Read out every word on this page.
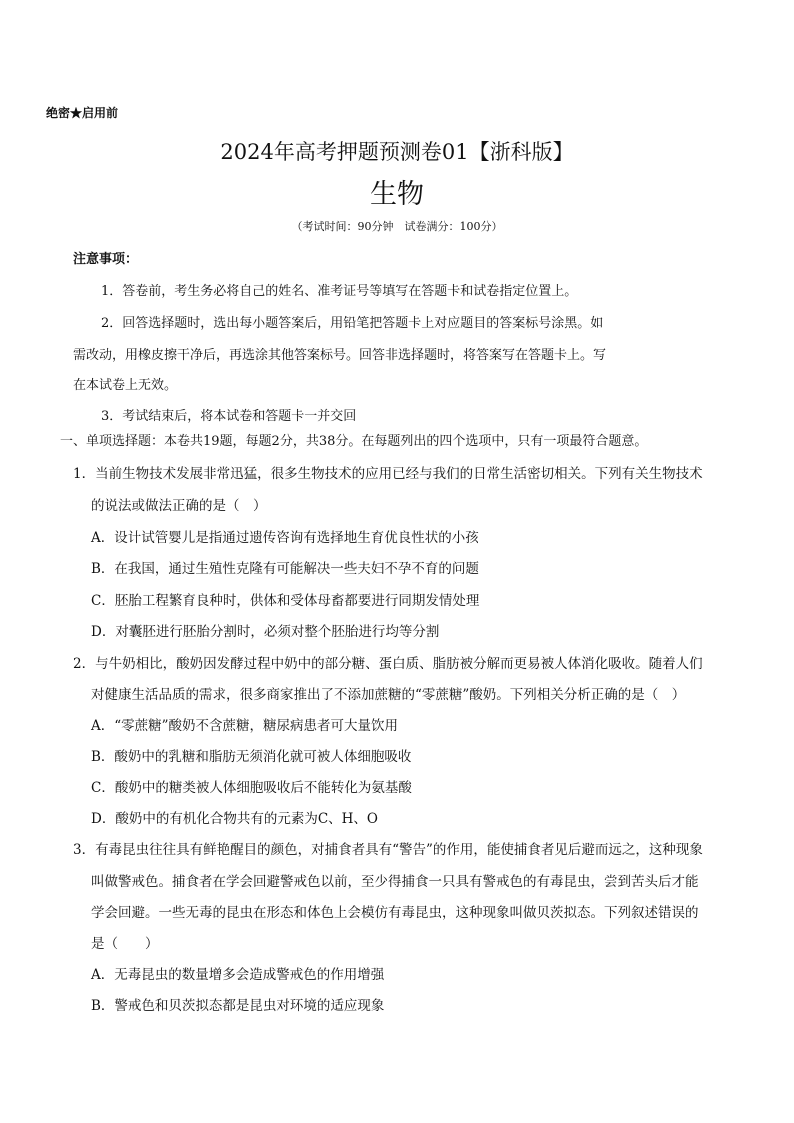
绝密★启用前
2024年高考押题预测卷01【浙科版】
生物
（考试时间：90分钟　试卷满分：100分）
注意事项：
1．答卷前，考生务必将自己的姓名、准考证号等填写在答题卡和试卷指定位置上。
2．回答选择题时，选出每小题答案后，用铅笔把答题卡上对应题目的答案标号涂黑。如
需改动，用橡皮擦干净后，再选涂其他答案标号。回答非选择题时，将答案写在答题卡上。写
在本试卷上无效。
3．考试结束后，将本试卷和答题卡一并交回
一、单项选择题：本卷共19题，每题2分，共38分。在每题列出的四个选项中，只有一项最符合题意。
1．当前生物技术发展非常迅猛，很多生物技术的应用已经与我们的日常生活密切相关。下列有关生物技术
的说法或做法正确的是（　）
A．设计试管婴儿是指通过遗传咨询有选择地生育优良性状的小孩
B．在我国，通过生殖性克隆有可能解决一些夫妇不孕不育的问题
C．胚胎工程繁育良种时，供体和受体母畜都要进行同期发情处理
D．对囊胚进行胚胎分割时，必须对整个胚胎进行均等分割
2．与牛奶相比，酸奶因发酵过程中奶中的部分糖、蛋白质、脂肪被分解而更易被人体消化吸收。随着人们
对健康生活品质的需求，很多商家推出了不添加蔗糖的“零蔗糖”酸奶。下列相关分析正确的是（　）
A．“零蔗糖”酸奶不含蔗糖，糖尿病患者可大量饮用
B．酸奶中的乳糖和脂肪无须消化就可被人体细胞吸收
C．酸奶中的糖类被人体细胞吸收后不能转化为氨基酸
D．酸奶中的有机化合物共有的元素为C、H、O
3．有毒昆虫往往具有鲜艳醒目的颜色，对捕食者具有“警告”的作用，能使捕食者见后避而远之，这种现象
叫做警戒色。捕食者在学会回避警戒色以前，至少得捕食一只具有警戒色的有毒昆虫，尝到苦头后才能
学会回避。一些无毒的昆虫在形态和体色上会模仿有毒昆虫，这种现象叫做贝茨拟态。下列叙述错误的
是（　　）
A．无毒昆虫的数量增多会造成警戒色的作用增强
B．警戒色和贝茨拟态都是昆虫对环境的适应现象
